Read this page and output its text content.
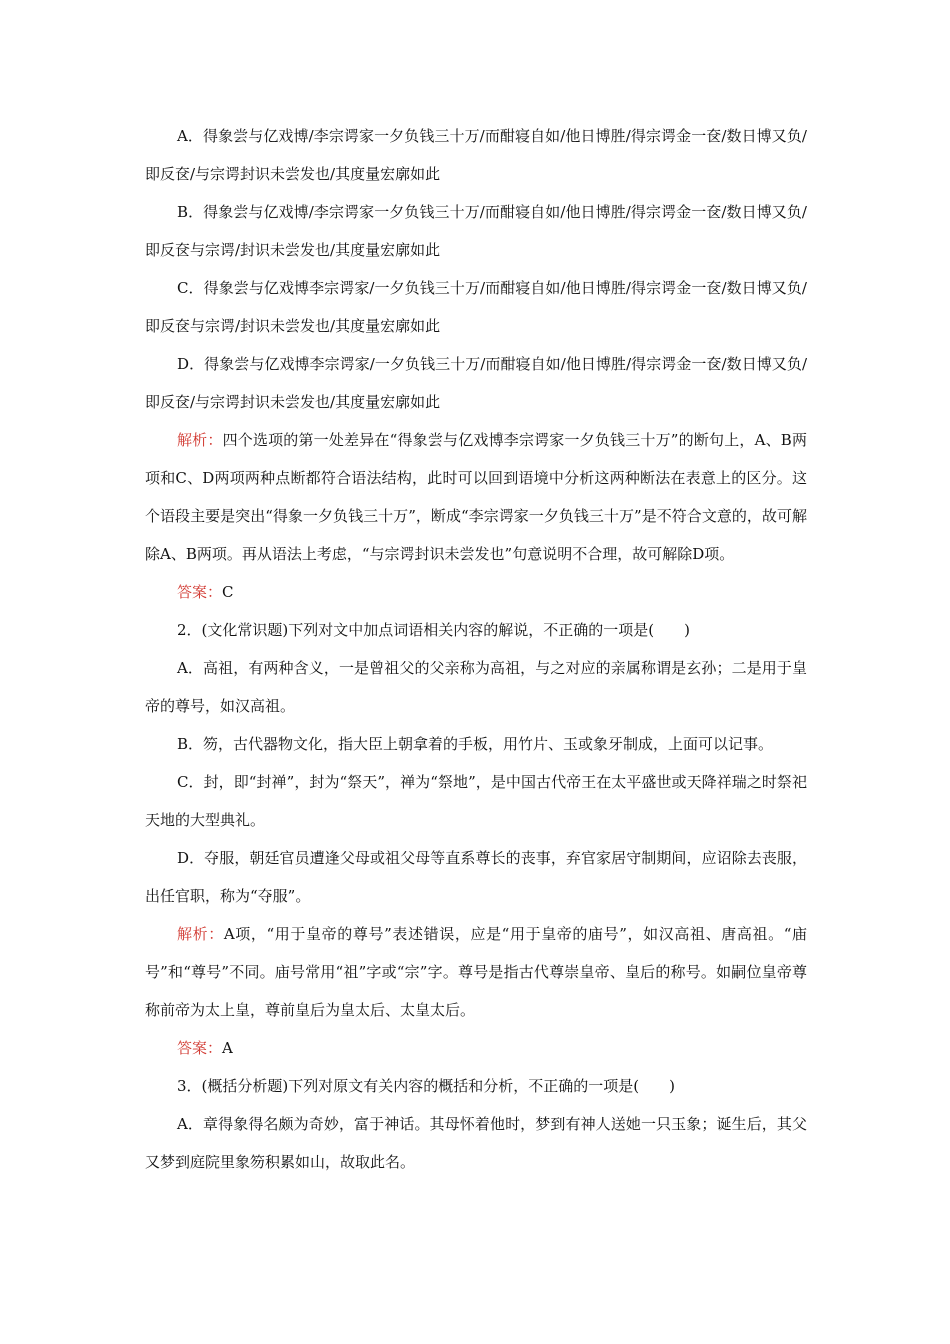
A．得象尝与亿戏博/李宗谔家一夕负钱三十万/而酣寝自如/他日博胜/得宗谔金一奁/数日博又负/即反奁/与宗谔封识未尝发也/其度量宏廓如此

B．得象尝与亿戏博/李宗谔家一夕负钱三十万/而酣寝自如/他日博胜/得宗谔金一奁/数日博又负/即反奁与宗谔/封识未尝发也/其度量宏廓如此

C．得象尝与亿戏博李宗谔家/一夕负钱三十万/而酣寝自如/他日博胜/得宗谔金一奁/数日博又负/即反奁与宗谔/封识未尝发也/其度量宏廓如此

D．得象尝与亿戏博李宗谔家/一夕负钱三十万/而酣寝自如/他日博胜/得宗谔金一奁/数日博又负/即反奁/与宗谔封识未尝发也/其度量宏廓如此

解析：四个选项的第一处差异在“得象尝与亿戏博李宗谔家一夕负钱三十万”的断句上，A、B两项和C、D两项两种点断都符合语法结构，此时可以回到语境中分析这两种断法在表意上的区分。这个语段主要是突出“得象一夕负钱三十万”，断成“李宗谔家一夕负钱三十万”是不符合文意的，故可解除A、B两项。再从语法上考虑，“与宗谔封识未尝发也”句意说明不合理，故可解除D项。

答案：C

2．(文化常识题)下列对文中加点词语相关内容的解说，不正确的一项是(　　)

A．高祖，有两种含义，一是曾祖父的父亲称为高祖，与之对应的亲属称谓是玄孙；二是用于皇帝的尊号，如汉高祖。

B．笏，古代器物文化，指大臣上朝拿着的手板，用竹片、玉或象牙制成，上面可以记事。

C．封，即“封禅”，封为“祭天”，禅为“祭地”，是中国古代帝王在太平盛世或天降祥瑞之时祭祀天地的大型典礼。

D．夺服，朝廷官员遭逢父母或祖父母等直系尊长的丧事，弃官家居守制期间，应诏除去丧服，出任官职，称为“夺服”。

解析：A项，“用于皇帝的尊号”表述错误，应是“用于皇帝的庙号”，如汉高祖、唐高祖。“庙号”和“尊号”不同。庙号常用“祖”字或“宗”字。尊号是指古代尊崇皇帝、皇后的称号。如嗣位皇帝尊称前帝为太上皇，尊前皇后为皇太后、太皇太后。

答案：A

3．(概括分析题)下列对原文有关内容的概括和分析，不正确的一项是(　　)

A．章得象得名颇为奇妙，富于神话。其母怀着他时，梦到有神人送她一只玉象；诞生后，其父又梦到庭院里象笏积累如山，故取此名。
